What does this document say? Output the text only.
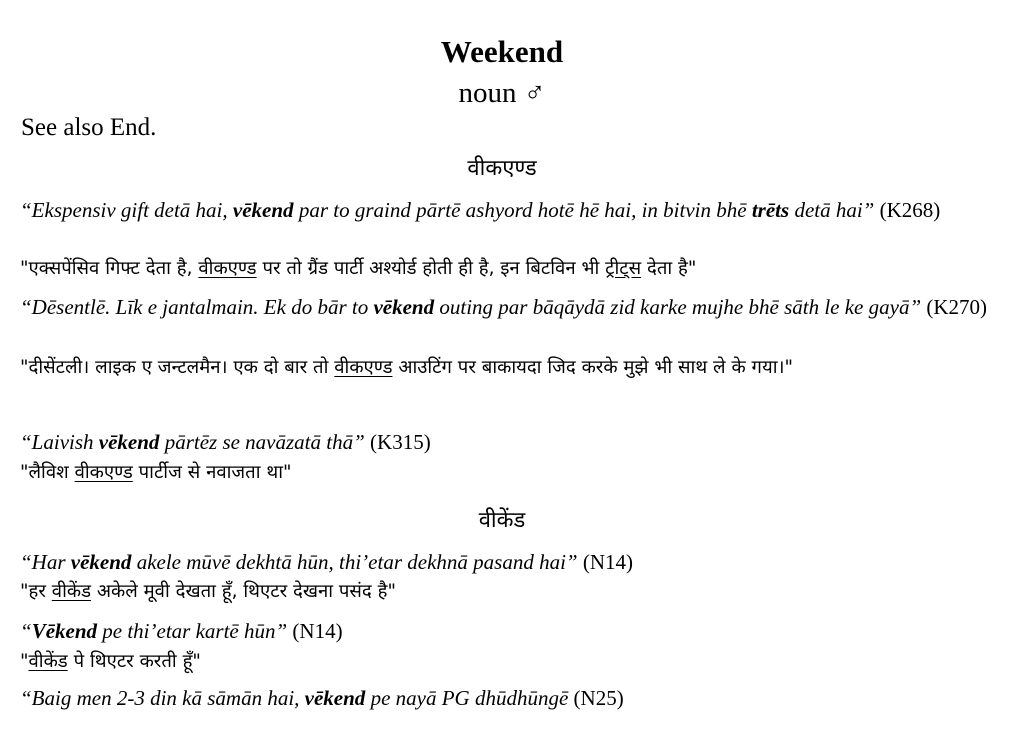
Weekend
noun ♂
See also End.
वीकएण्ड
“Ekspensiv gift detā hai, vēkend par to graind pārtē ashyord hotē hē hai, in bitvin bhē trēts detā hai” (K268)
"एक्सपेंसिव गिफ्ट देता है, वीकएण्ड पर तो ग्रैंड पार्टी अश्योर्ड होती ही है, इन बिटविन भी ट्रीट्स देता है"
“Dēsentlē. Līk e jantalmain. Ek do bār to vēkend outing par bāqāydā zid karke mujhe bhē sāth le ke gayā” (K270)
"दीसेंटली। लाइक ए जन्टलमैन। एक दो बार तो वीकएण्ड आउटिंग पर बाकायदा जिद करके मुझे भी साथ ले के गया।"
“Laivish vēkend pārtēz se navāzatā thā” (K315)
"लैविश वीकएण्ड पार्टीज से नवाजता था"
वीकेंड
“Har vēkend akele mūvē dekhtā hūn, thi’etar dekhnā pasand hai” (N14)
"हर वीकेंड अकेले मूवी देखता हूँ, थिएटर देखना पसंद है"
“Vēkend pe thi’etar kartē hūn” (N14)
"वीकेंड पे थिएटर करती हूँ"
“Baig men 2-3 din kā sāmān hai, vēkend pe nayā PG dhūdhūngē (N25)
